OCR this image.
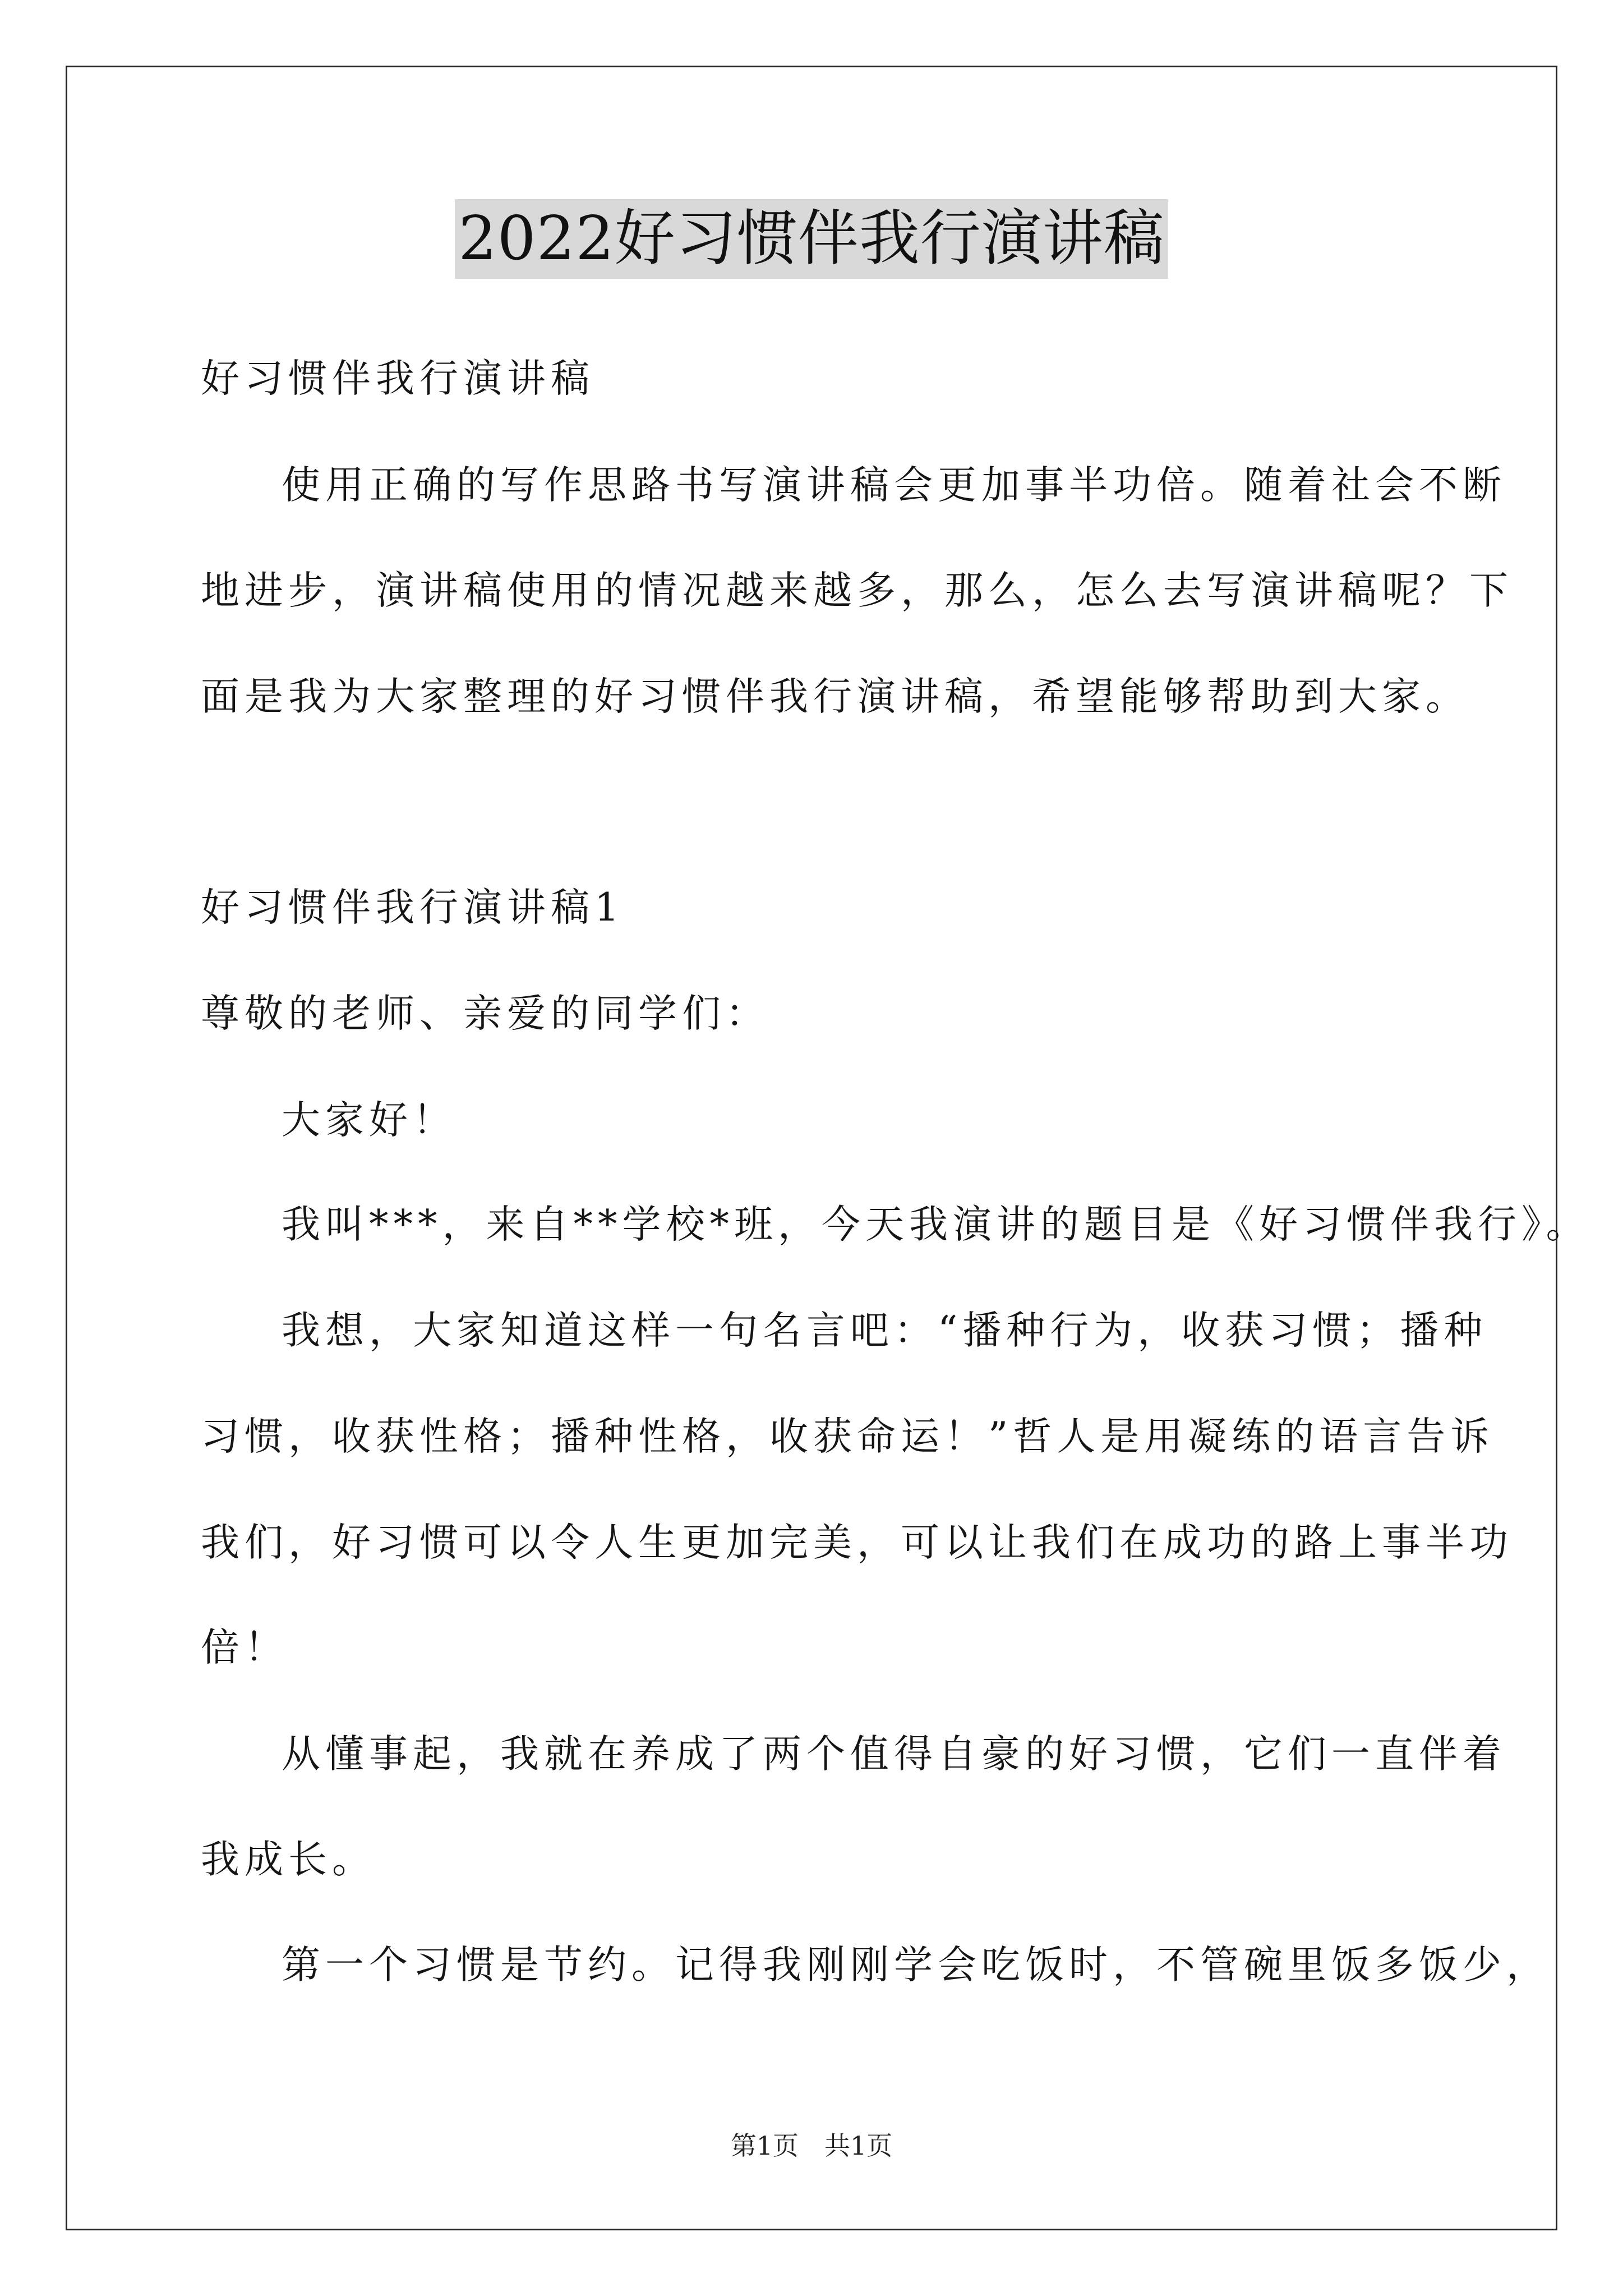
2022好习惯伴我行演讲稿
好习惯伴我行演讲稿
使用正确的写作思路书写演讲稿会更加事半功倍。随着社会不断
地进步，演讲稿使用的情况越来越多，那么，怎么去写演讲稿呢？下
面是我为大家整理的好习惯伴我行演讲稿，希望能够帮助到大家。
好习惯伴我行演讲稿1
尊敬的老师、亲爱的同学们：
大家好！
我叫***，来自**学校*班，今天我演讲的题目是《好习惯伴我行》。
我想，大家知道这样一句名言吧：“播种行为，收获习惯；播种
习惯，收获性格；播种性格，收获命运！”哲人是用凝练的语言告诉
我们，好习惯可以令人生更加完美，可以让我们在成功的路上事半功
倍！
从懂事起，我就在养成了两个值得自豪的好习惯，它们一直伴着
我成长。
第一个习惯是节约。记得我刚刚学会吃饭时，不管碗里饭多饭少，
第1页　共1页
